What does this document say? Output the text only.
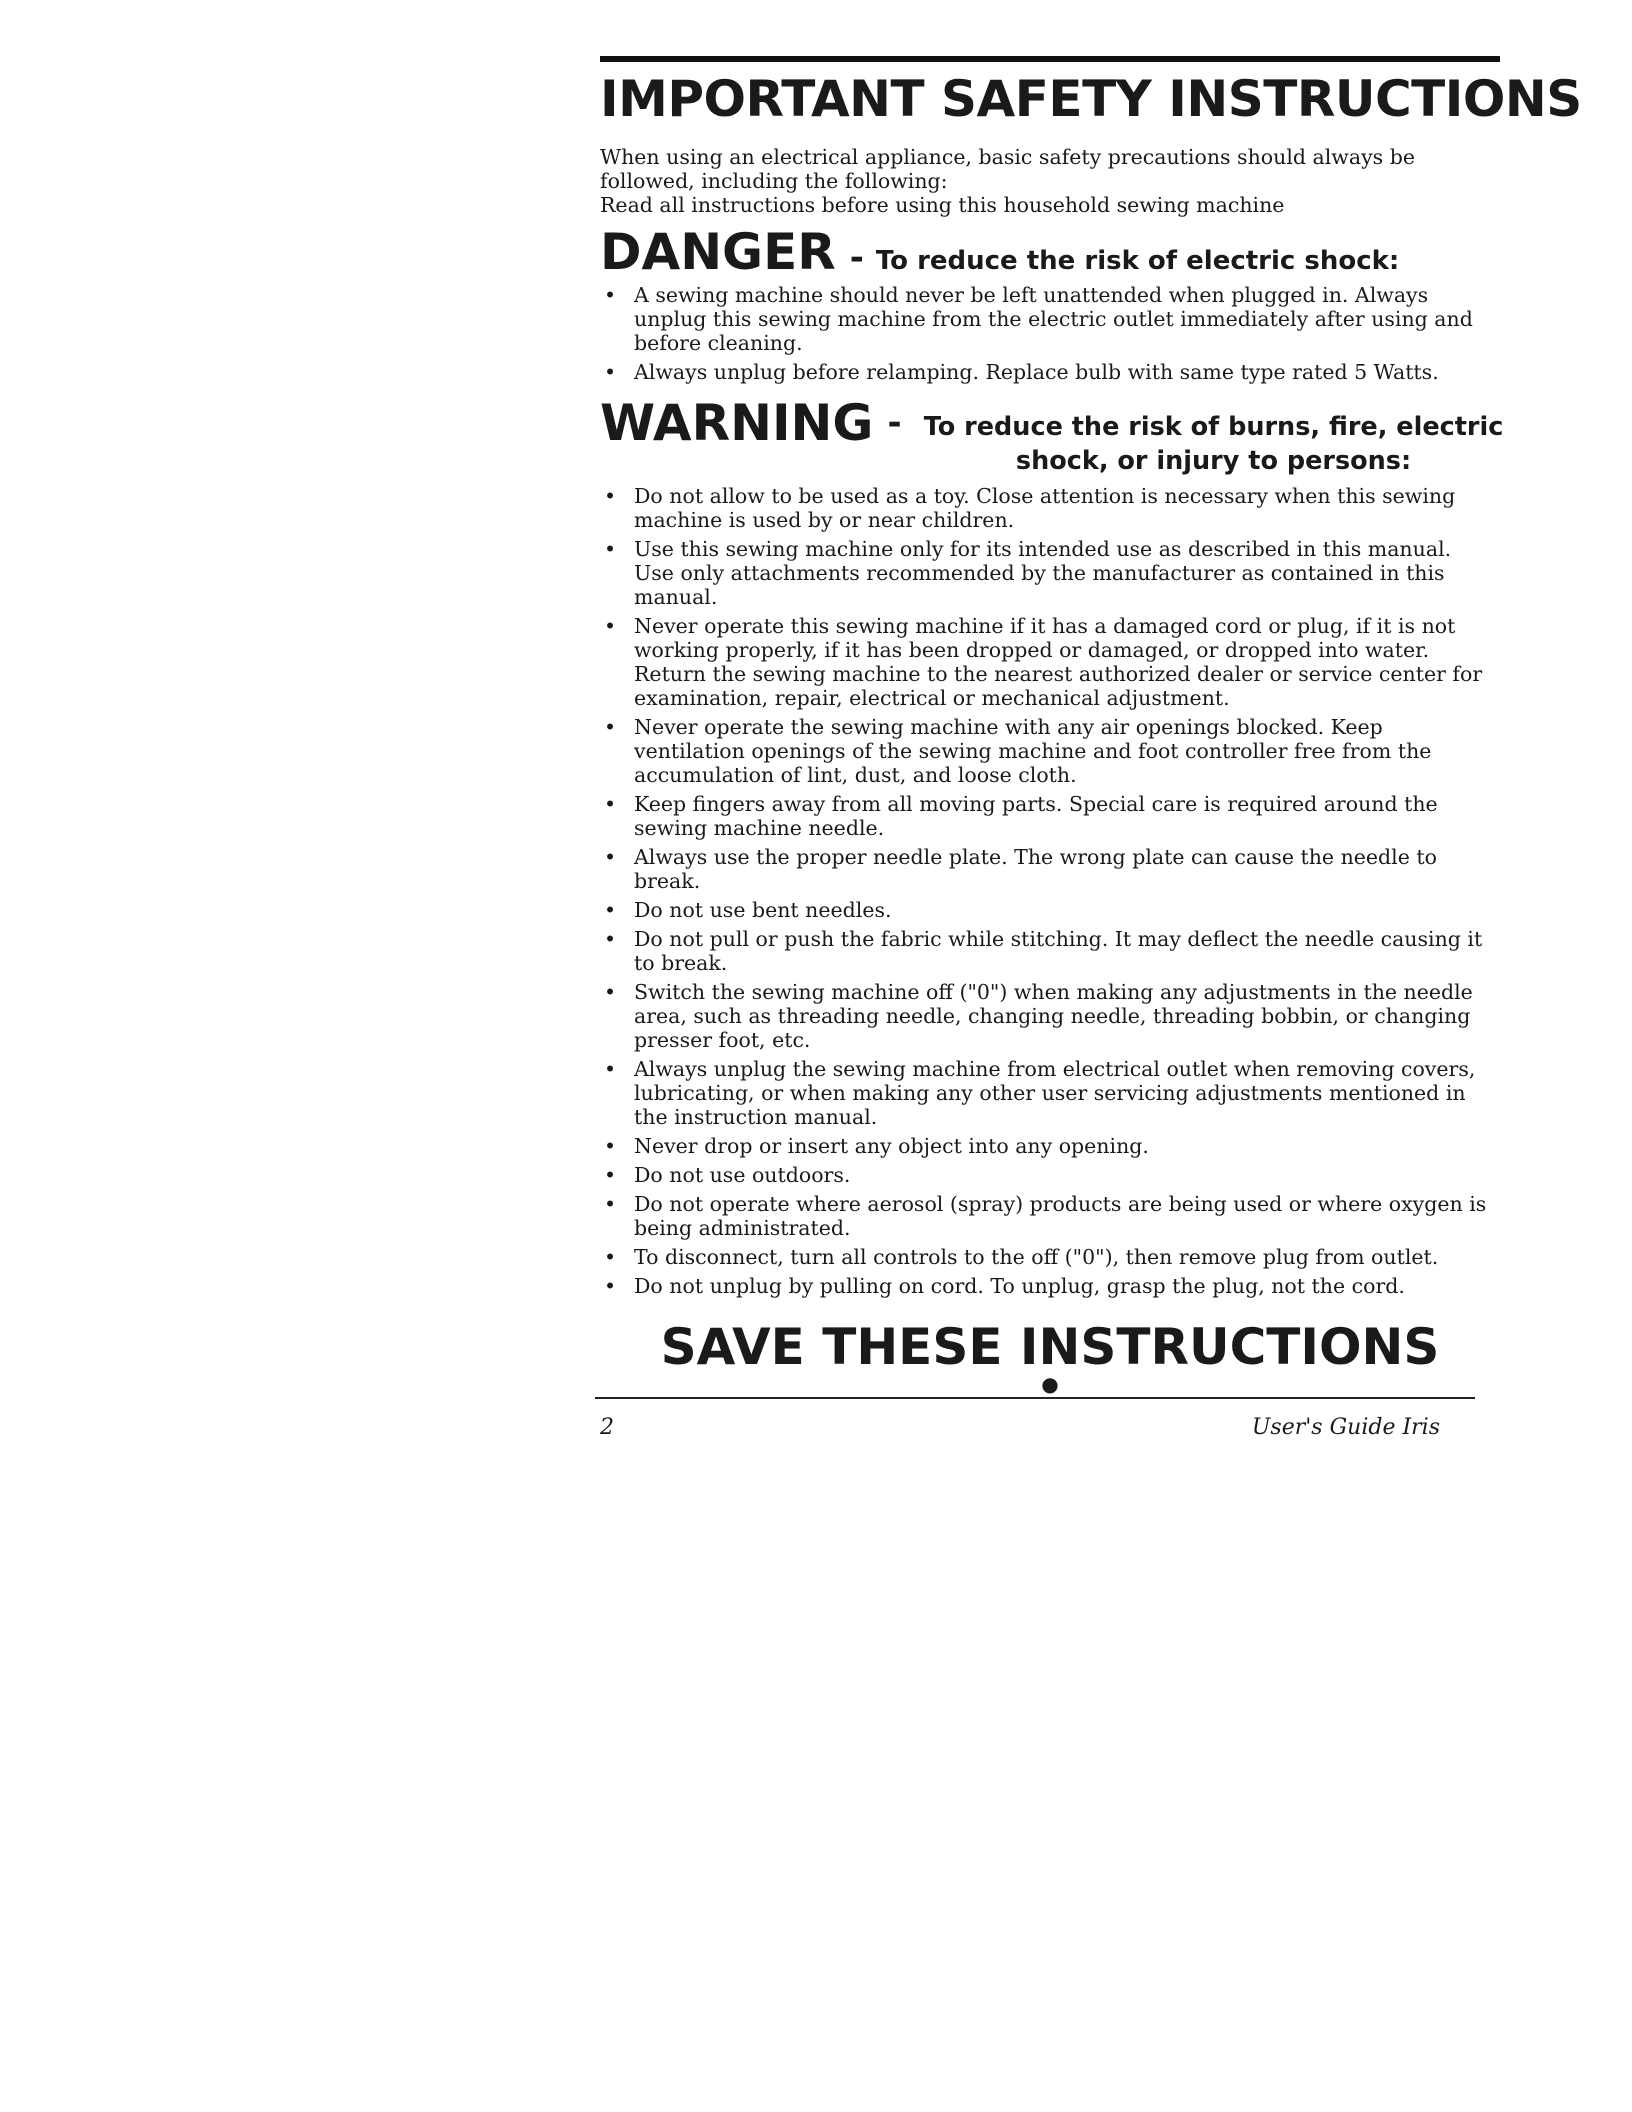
IMPORTANT SAFETY INSTRUCTIONS

When using an electrical appliance, basic safety precautions should always be followed, including the following:
Read all instructions before using this household sewing machine

DANGER - To reduce the risk of electric shock:
• A sewing machine should never be left unattended when plugged in. Always unplug this sewing machine from the electric outlet immediately after using and before cleaning.
• Always unplug before relamping. Replace bulb with same type rated 5 Watts.
WARNING - To reduce the risk of burns, fire, electric shock, or injury to persons:
• Do not allow to be used as a toy. Close attention is necessary when this sewing machine is used by or near children.
• Use this sewing machine only for its intended use as described in this manual. Use only attachments recommended by the manufacturer as contained in this manual.
• Never operate this sewing machine if it has a damaged cord or plug, if it is not working properly, if it has been dropped or damaged, or dropped into water. Return the sewing machine to the nearest authorized dealer or service center for examination, repair, electrical or mechanical adjustment.
• Never operate the sewing machine with any air openings blocked. Keep ventilation openings of the sewing machine and foot controller free from the accumulation of lint, dust, and loose cloth.
• Keep fingers away from all moving parts. Special care is required around the sewing machine needle.
• Always use the proper needle plate. The wrong plate can cause the needle to break.
• Do not use bent needles.
• Do not pull or push the fabric while stitching. It may deflect the needle causing it to break.
• Switch the sewing machine off ("0") when making any adjustments in the needle area, such as threading needle, changing needle, threading bobbin, or changing presser foot, etc.
• Always unplug the sewing machine from electrical outlet when removing covers, lubricating, or when making any other user servicing adjustments mentioned in the instruction manual.
• Never drop or insert any object into any opening.
• Do not use outdoors.
• Do not operate where aerosol (spray) products are being used or where oxygen is being administrated.
• To disconnect, turn all controls to the off ("0"), then remove plug from outlet.
• Do not unplug by pulling on cord. To unplug, grasp the plug, not the cord.
SAVE THESE INSTRUCTIONS
●
2	User's Guide Iris
